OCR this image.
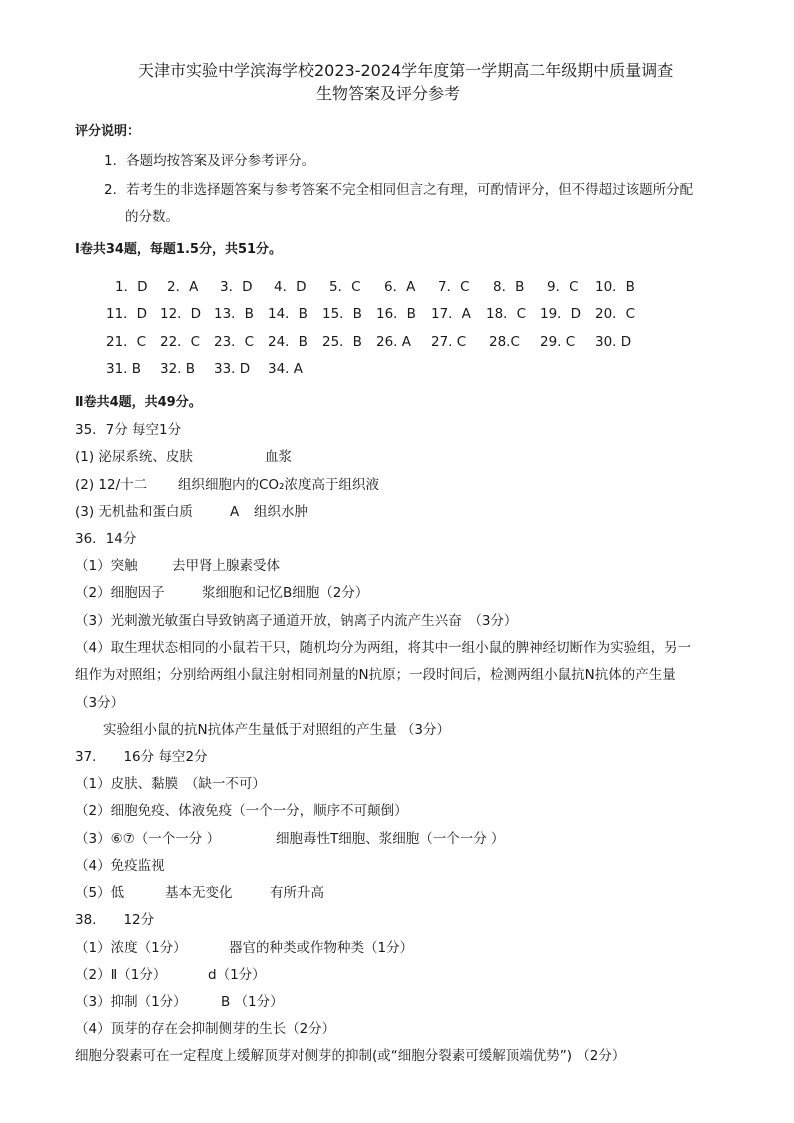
天津市实验中学滨海学校2023-2024学年度第一学期高二年级期中质量调查
生物答案及评分参考
评分说明：
1．各题均按答案及评分参考评分。
2．若考生的非选择题答案与参考答案不完全相同但言之有理，可酌情评分，但不得超过该题所分配
的分数。
Ⅰ卷共34题，每题1.5分，共51分。
1．D 2．A 3．D 4．D 5．C 6．A 7．C 8．B 9．C 10．B
11．D 12．D 13．B 14．B 15．B 16．B 17．A 18．C 19．D 20．C
21．C 22．C 23．C 24．B 25．B 26. A 27. C 28.C 29. C 30. D
31. B 32. B 33. D 34. A
Ⅱ卷共4题，共49分。
35．7分 每空1分
(1) 泌尿系统、皮肤	血浆
(2) 12/十二 组织细胞内的CO₂浓度高于组织液
(3) 无机盐和蛋白质	A 组织水肿
36．14分
（1）突触	去甲肾上腺素受体
（2）细胞因子	浆细胞和记忆B细胞（2分）
（3）光刺激光敏蛋白导致钠离子通道开放，钠离子内流产生兴奋　（3分）
（4）取生理状态相同的小鼠若干只，随机均分为两组，将其中一组小鼠的脾神经切断作为实验组，另一
组作为对照组；分别给两组小鼠注射相同剂量的N抗原；一段时间后，检测两组小鼠抗N抗体的产生量
（3分）
实验组小鼠的抗N抗体产生量低于对照组的产生量 （3分）
37.　　16分 每空2分
（1）皮肤、黏膜　（缺一不可）
（2）细胞免疫、体液免疫（一个一分，顺序不可颠倒）
（3）⑥⑦（一个一分 ）	细胞毒性T细胞、浆细胞（一个一分 ）
（4）免疫监视
（5）低	基本无变化	有所升高
38.　　12分
（1）浓度（1分）	器官的种类或作物种类（1分）
（2）Ⅱ（1分）	d（1分）
（3）抑制（1分）	B （1分）
（4）顶芽的存在会抑制侧芽的生长（2分）
细胞分裂素可在一定程度上缓解顶芽对侧芽的抑制(或“细胞分裂素可缓解顶端优势”) （2分）
